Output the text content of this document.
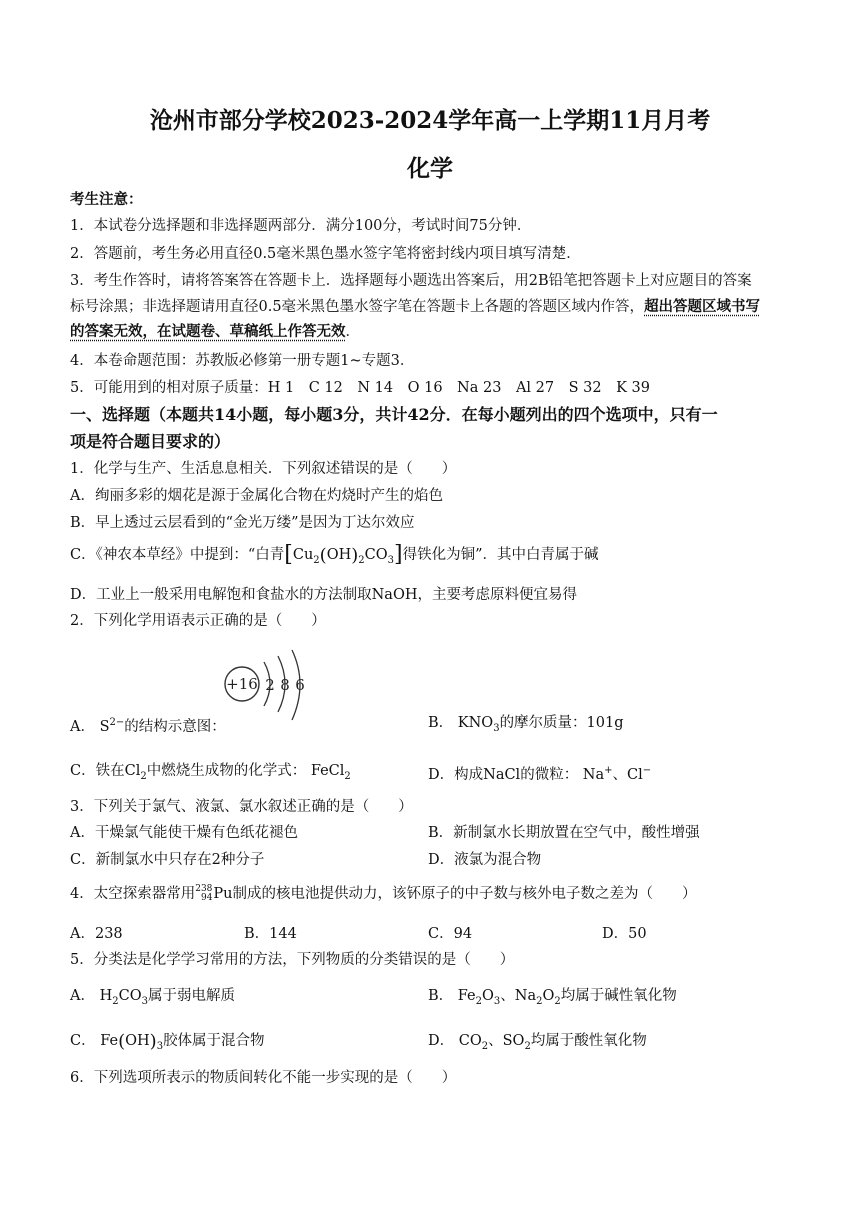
沧州市部分学校2023-2024学年高一上学期11月月考
化学
考生注意：
1．本试卷分选择题和非选择题两部分．满分100分，考试时间75分钟．
2．答题前，考生务必用直径0.5毫米黑色墨水签字笔将密封线内项目填写清楚．
3．考生作答时，请将答案答在答题卡上．选择题每小题选出答案后，用2B铅笔把答题卡上对应题目的答案
标号涂黑；非选择题请用直径0.5毫米黑色墨水签字笔在答题卡上各题的答题区域内作答，超出答题区域书写
的答案无效，在试题卷、草稿纸上作答无效．
4．本卷命题范围：苏教版必修第一册专题1~专题3．
5．可能用到的相对原子质量：H 1　C 12　N 14　O 16　Na 23　Al 27　S 32　K 39
一、选择题（本题共14小题，每小题3分，共计42分．在每小题列出的四个选项中，只有一
项是符合题目要求的）
1．化学与生产、生活息息相关．下列叙述错误的是（　　）
A．绚丽多彩的烟花是源于金属化合物在灼烧时产生的焰色
B．早上透过云层看到的“金光万缕”是因为丁达尔效应
C．《神农本草经》中提到：“白青$[Cu_2(OH)_2CO_3]$得铁化为铜”．其中白青属于碱
D．工业上一般采用电解饱和食盐水的方法制取NaOH，主要考虑原料便宜易得
2．下列化学用语表示正确的是（　　）
+16 2 8 6
A． $S^{2-}$的结构示意图：	B． $KNO_3$的摩尔质量：101g
C．铁在$Cl_2$中燃烧生成物的化学式： FeCl$_2$	D．构成NaCl的微粒： Na+、Cl−
3．下列关于氯气、液氯、氯水叙述正确的是（　　）
A．干燥氯气能使干燥有色纸花褪色	B．新制氯水长期放置在空气中，酸性增强
C．新制氯水中只存在2种分子	D．液氯为混合物
4．太空探索器常用 238
94 Pu制成的核电池提供动力，该钚原子的中子数与核外电子数之差为（　　）
A．238	B．144	C．94	D．50
5．分类法是化学学习常用的方法，下列物质的分类错误的是（　　）
A． $H_2CO_3$属于弱电解质	B． $Fe_2O_3$、$Na_2O_2$均属于碱性氧化物
C． $Fe(OH)_3$胶体属于混合物	D． $CO_2$、$SO_2$均属于酸性氧化物
6．下列选项所表示的物质间转化不能一步实现的是（　　）
